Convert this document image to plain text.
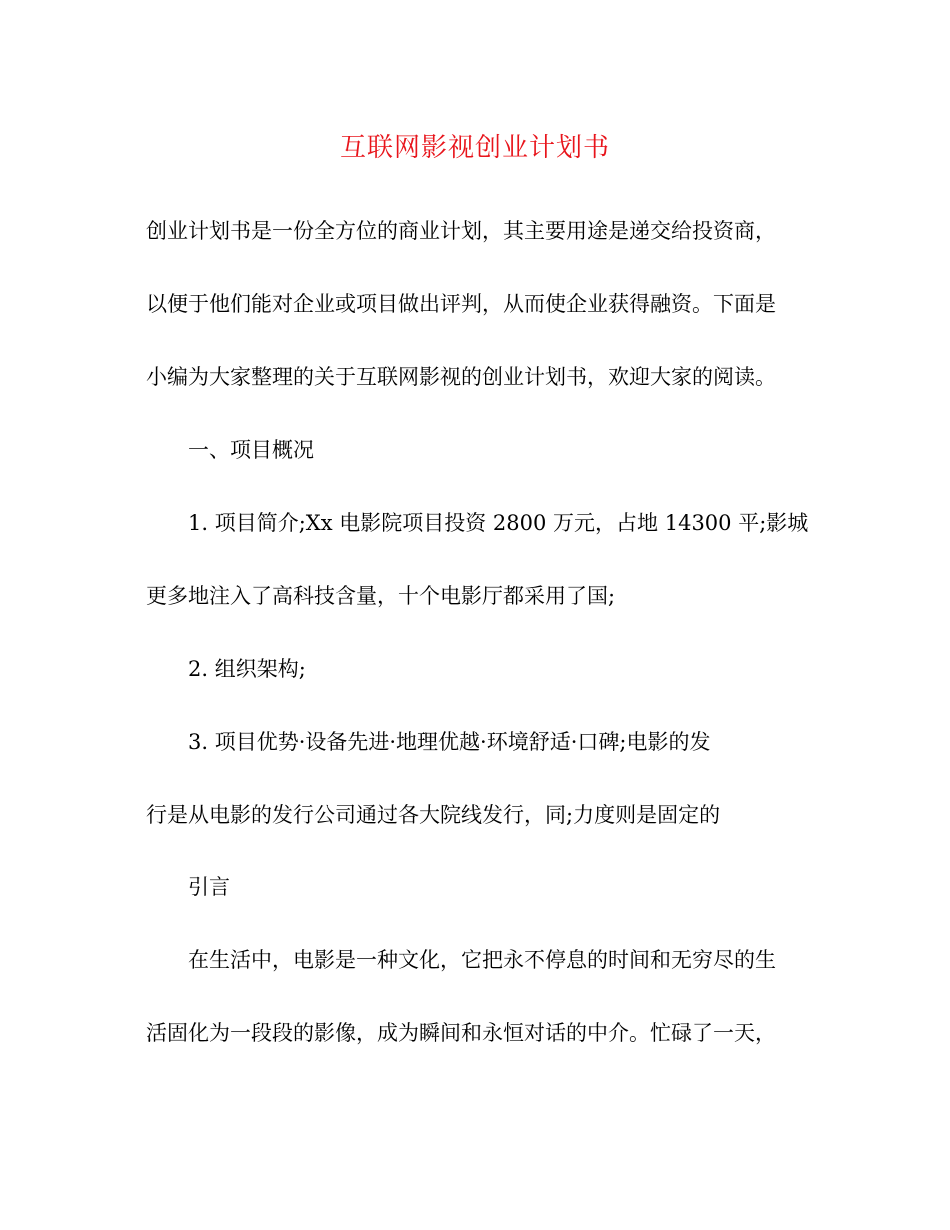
互联网影视创业计划书
创业计划书是一份全方位的商业计划，其主要用途是递交给投资商，
以便于他们能对企业或项目做出评判，从而使企业获得融资。下面是
小编为大家整理的关于互联网影视的创业计划书，欢迎大家的阅读。
一、项目概况
1. 项目简介;Xx 电影院项目投资 2800 万元，占地 14300 平;影城
更多地注入了高科技含量，十个电影厅都采用了国;
2. 组织架构;
3. 项目优势·设备先进·地理优越·环境舒适·口碑;电影的发
行是从电影的发行公司通过各大院线发行，同;力度则是固定的
引言
在生活中，电影是一种文化，它把永不停息的时间和无穷尽的生
活固化为一段段的影像，成为瞬间和永恒对话的中介。忙碌了一天，
